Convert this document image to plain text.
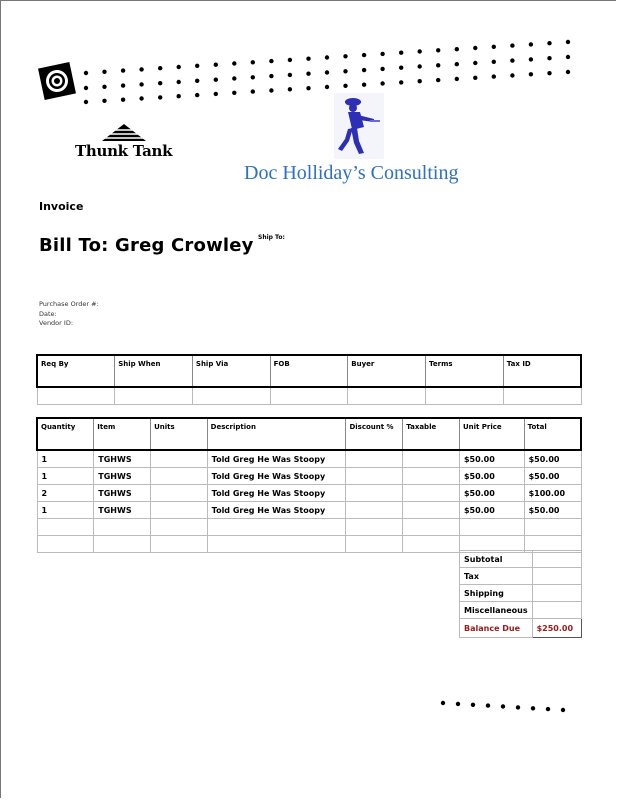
Thunk Tank
Doc Holliday’s Consulting
Invoice
Bill To: Greg Crowley Ship To:
Purchase Order #:
Date:
Vendor ID:
Req By	Ship When	Ship Via	FOB	Buyer	Terms	Tax ID

Quantity	Item	Units	Description	Discount %	Taxable	Unit Price	Total
1	TGHWS		Told Greg He Was Stoopy			$50.00	$50.00
1	TGHWS		Told Greg He Was Stoopy			$50.00	$50.00
2	TGHWS		Told Greg He Was Stoopy			$50.00	$100.00
1	TGHWS		Told Greg He Was Stoopy			$50.00	$50.00

Subtotal	
Tax	
Shipping	
Miscellaneous	
Balance Due	$250.00
